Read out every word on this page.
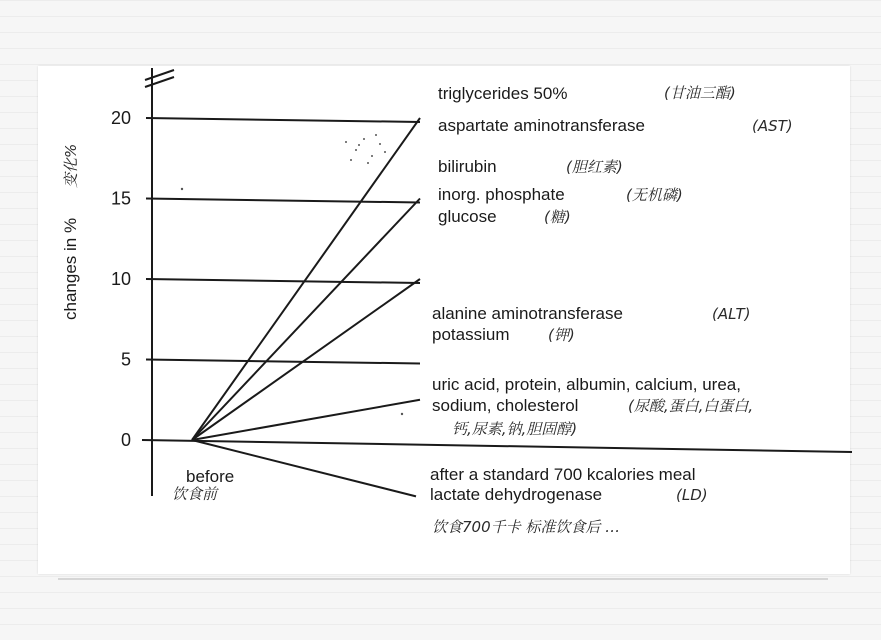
0
5
10
15
20
changes in %
变化%
before
饮食前
triglycerides 50%
aspartate aminotransferase
bilirubin
inorg. phosphate
glucose
alanine aminotransferase
potassium
uric acid, protein, albumin, calcium, urea,
sodium, cholesterol
after a standard 700 kcalories meal
lactate dehydrogenase
(甘油三酯)
(AST)
(胆红素)
(无机磷)
(糖)
(ALT)
(钾)
(尿酸,蛋白,白蛋白,
钙,尿素,钠,胆固醇)
(LD)
饮食700千卡 标准饮食后 …
